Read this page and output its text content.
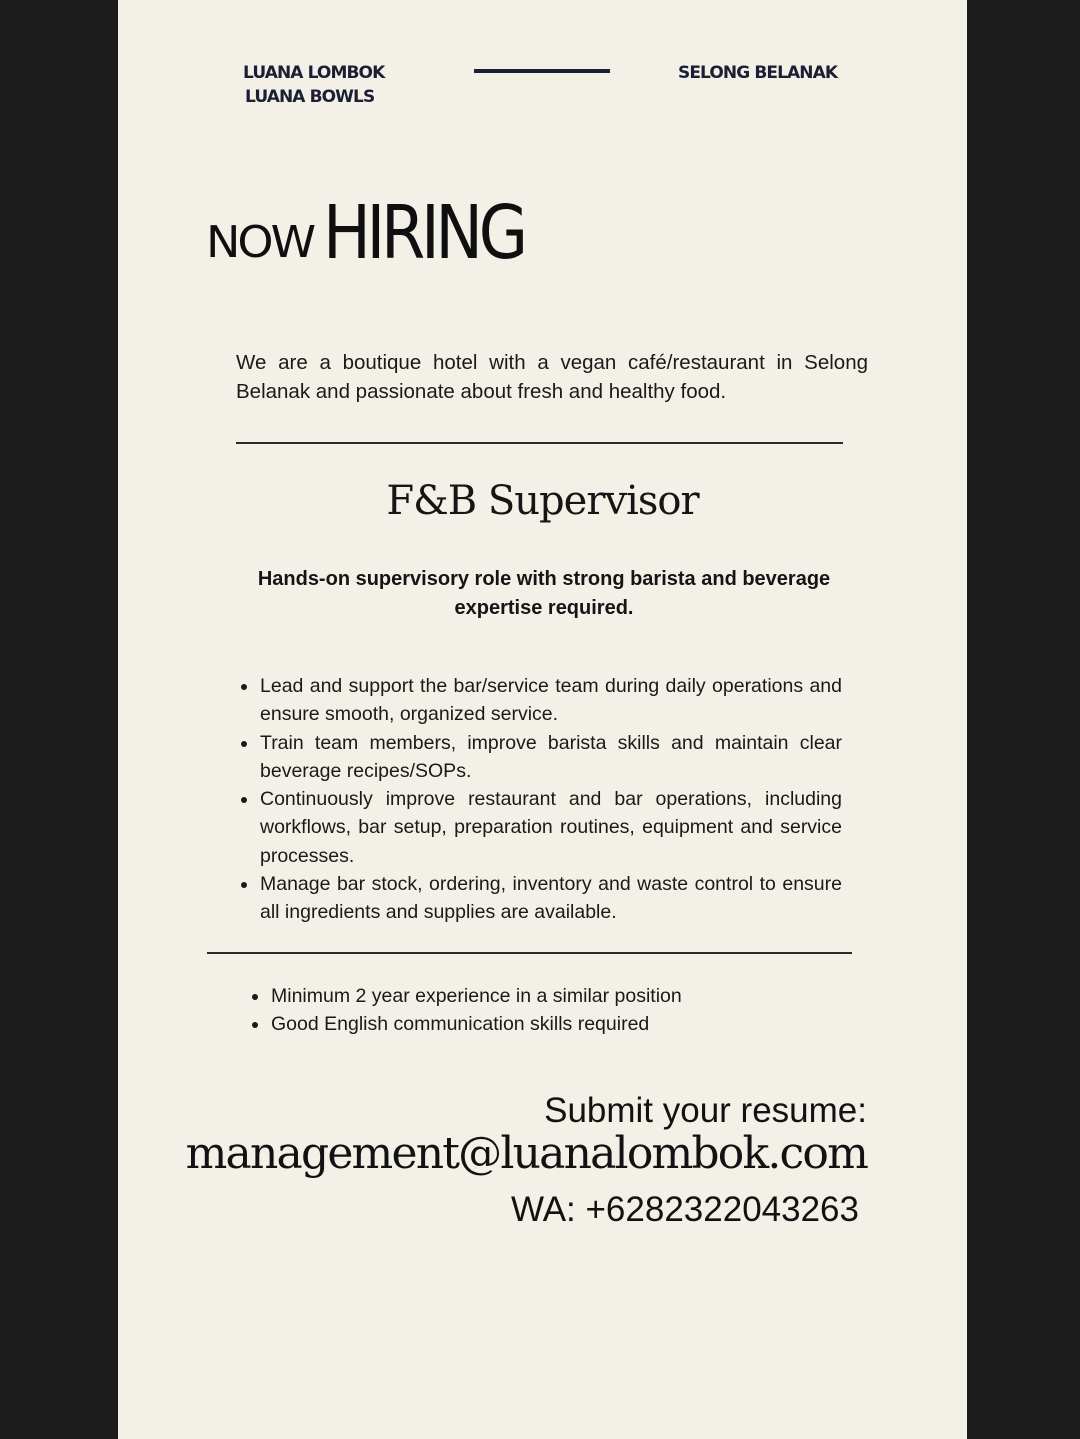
LUANA LOMBOK
LUANA BOWLS
SELONG BELANAK
NOW HIRING
We are a boutique hotel with a vegan café/restaurant in Selong Belanak and passionate about fresh and healthy food.
F&B Supervisor
Hands-on supervisory role with strong barista and beverage expertise required.
Lead and support the bar/service team during daily operations and ensure smooth, organized service.
Train team members, improve barista skills and maintain clear beverage recipes/SOPs.
Continuously improve restaurant and bar operations, including workflows, bar setup, preparation routines, equipment and service processes.
Manage bar stock, ordering, inventory and waste control to ensure all ingredients and supplies are available.
Minimum 2 year experience in a similar position
Good English communication skills required
Submit your resume:
management@luanalombok.com
WA: +6282322043263
